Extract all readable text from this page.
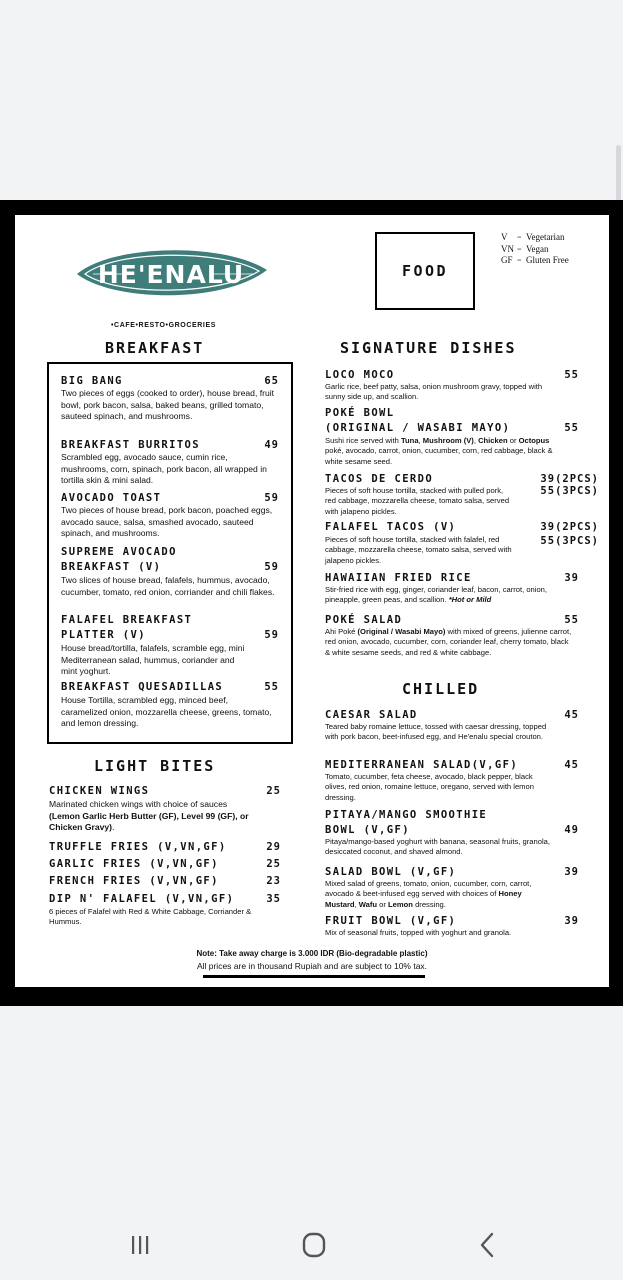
HE'ENALU
•CAFE•RESTO•GROCERIES
FOOD
V = Vegetarian
VN = Vegan
GF = Gluten Free
BREAKFAST
BIG BANG	65
Two pieces of eggs (cooked to order), house bread, fruit bowl, pork bacon, salsa, baked beans, grilled tomato, sauteed spinach, and mushrooms.
BREAKFAST BURRITOS	49
Scrambled egg, avocado sauce, cumin rice, mushrooms, corn, spinach, pork bacon, all wrapped in tortilla skin & mini salad.
AVOCADO TOAST	59
Two pieces of house bread, pork bacon, poached eggs, avocado sauce, salsa, smashed avocado, sauteed spinach, and mushrooms.
SUPREME AVOCADO
BREAKFAST (V)	59
Two slices of house bread, falafels, hummus, avocado, cucumber, tomato, red onion, corriander and chili flakes.
FALAFEL BREAKFAST
PLATTER (V)	59
House bread/tortilla, falafels, scramble egg, mini Mediterranean salad, hummus, coriander and mint yoghurt.
BREAKFAST QUESADILLAS	55
House Tortilla, scrambled egg, minced beef, caramelized onion, mozzarella cheese, greens, tomato, and lemon dressing.
LIGHT BITES
CHICKEN WINGS	25
Marinated chicken wings with choice of sauces (Lemon Garlic Herb Butter (GF), Level 99 (GF), or Chicken Gravy).
TRUFFLE FRIES (V,VN,GF)	29
GARLIC FRIES (V,VN,GF)	25
FRENCH FRIES (V,VN,GF)	23
DIP N' FALAFEL (V,VN,GF)	35
6 pieces of Falafel with Red & White Cabbage, Corriander & Hummus.
SIGNATURE DISHES
LOCO MOCO	55
Garlic rice, beef patty, salsa, onion mushroom gravy, topped with sunny side up, and scallion.
POKÉ BOWL
(ORIGINAL / WASABI MAYO)	55
Sushi rice served with Tuna, Mushroom (V), Chicken or Octopus poké, avocado, carrot, onion, cucumber, corn, red cabbage, black & white sesame seed.
TACOS DE CERDO	39(2PCS)
55(3PCS)
Pieces of soft house tortilla, stacked with pulled pork, red cabbage, mozzarella cheese, tomato salsa, served with jalapeno pickles.
FALAFEL TACOS (V)	39(2PCS)
55(3PCS)
Pieces of soft house tortilla, stacked with falafel, red cabbage, mozzarella cheese, tomato salsa, served with jalapeno pickles.
HAWAIIAN FRIED RICE	39
Stir-fried rice with egg, ginger, coriander leaf, bacon, carrot, onion, pineapple, green peas, and scallion. *Hot or Mild
POKÉ SALAD	55
Ahi Poké (Original / Wasabi Mayo) with mixed of greens, julienne carrot, red onion, avocado, cucumber, corn, coriander leaf, cherry tomato, black & white sesame seeds, and red & white cabbage.
CHILLED
CAESAR SALAD	45
Teared baby romaine lettuce, tossed with caesar dressing, topped with pork bacon, beet-infused egg, and He'enalu special crouton.
MEDITERRANEAN SALAD(V,GF)	45
Tomato, cucumber, feta cheese, avocado, black pepper, black olives, red onion, romaine lettuce, oregano, served with lemon dressing.
PITAYA/MANGO SMOOTHIE
BOWL (V,GF)	49
Pitaya/mango-based yoghurt with banana, seasonal fruits, granola, desiccated coconut, and shaved almond.
SALAD BOWL (V,GF)	39
Mixed salad of greens, tomato, onion, cucumber, corn, carrot, avocado & beet-infused egg served with choices of Honey Mustard, Wafu or Lemon dressing.
FRUIT BOWL (V,GF)	39
Mix of seasonal fruits, topped with yoghurt and granola.
Note: Take away charge is 3.000 IDR (Bio-degradable plastic)
All prices are in thousand Rupiah and are subject to 10% tax.
